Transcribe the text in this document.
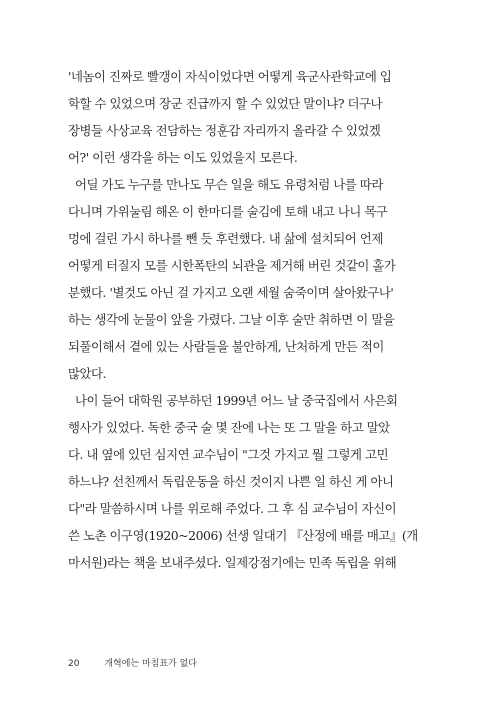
'네놈이 진짜로 빨갱이 자식이었다면 어떻게 육군사관학교에 입
학할 수 있었으며 장군 진급까지 할 수 있었단 말이냐? 더구나
장병들 사상교육 전담하는 정훈감 자리까지 올라갈 수 있었겠
어?' 이런 생각을 하는 이도 있었을지 모른다.
어딜 가도 누구를 만나도 무슨 일을 해도 유령처럼 나를 따라
다니며 가위눌림 해온 이 한마디를 술김에 토해 내고 나니 목구
멍에 걸린 가시 하나를 뺀 듯 후련했다. 내 삶에 설치되어 언제
어떻게 터질지 모를 시한폭탄의 뇌관을 제거해 버린 것같이 홀가
분했다. '별것도 아닌 걸 가지고 오랜 세월 숨죽이며 살아왔구나'
하는 생각에 눈물이 앞을 가렸다. 그날 이후 술만 취하면 이 말을
되풀이해서 곁에 있는 사람들을 불안하게, 난처하게 만든 적이
많았다.
나이 들어 대학원 공부하던 1999년 어느 날 중국집에서 사은회
행사가 있었다. 독한 중국 술 몇 잔에 나는 또 그 말을 하고 말았
다. 내 옆에 있던 심지연 교수님이 "그것 가지고 뭘 그렇게 고민
하느냐? 선친께서 독립운동을 하신 것이지 나쁜 일 하신 게 아니
다"라 말씀하시며 나를 위로해 주었다. 그 후 심 교수님이 자신이
쓴 노촌 이구영(1920~2006) 선생 일대기 『산정에 배를 매고』(개
마서원)라는 책을 보내주셨다. 일제강점기에는 민족 독립을 위해
20	개혁에는 마침표가 없다
